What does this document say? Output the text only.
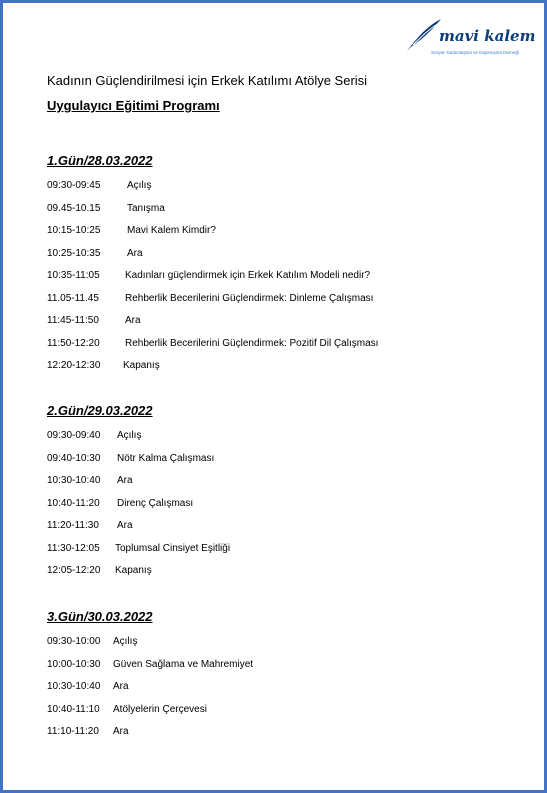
mavi kalem
Sosyal Yardımlaşma ve Dayanışma Derneği
Kadının Güçlendirilmesi için Erkek Katılımı Atölye Serisi
Uygulayıcı Eğitimi Programı
1.Gün/28.03.2022
09:30-09:45	Açılış
09.45-10.15	Tanışma
10:15-10:25	Mavi Kalem Kimdir?
10:25-10:35	Ara
10:35-11:05	Kadınları güçlendirmek için Erkek Katılım Modeli nedir?
11.05-11.45	Rehberlik Becerilerini Güçlendirmek: Dinleme Çalışması
11:45-11:50	Ara
11:50-12:20	Rehberlik Becerilerini Güçlendirmek: Pozitif Dil Çalışması
12:20-12:30 Kapanış
2.Gün/29.03.2022
09:30-09:40 Açılış
09:40-10:30 Nötr Kalma Çalışması
10:30-10:40 Ara
10:40-11:20 Direnç Çalışması
11:20-11:30 Ara
11:30-12:05 Toplumsal Cinsiyet Eşitliği
12:05-12:20 Kapanış
3.Gün/30.03.2022
09:30-10:00 Açılış
10:00-10:30 Güven Sağlama ve Mahremiyet
10:30-10:40 Ara
10:40-11:10 Atölyelerin Çerçevesi
11:10-11:20 Ara
